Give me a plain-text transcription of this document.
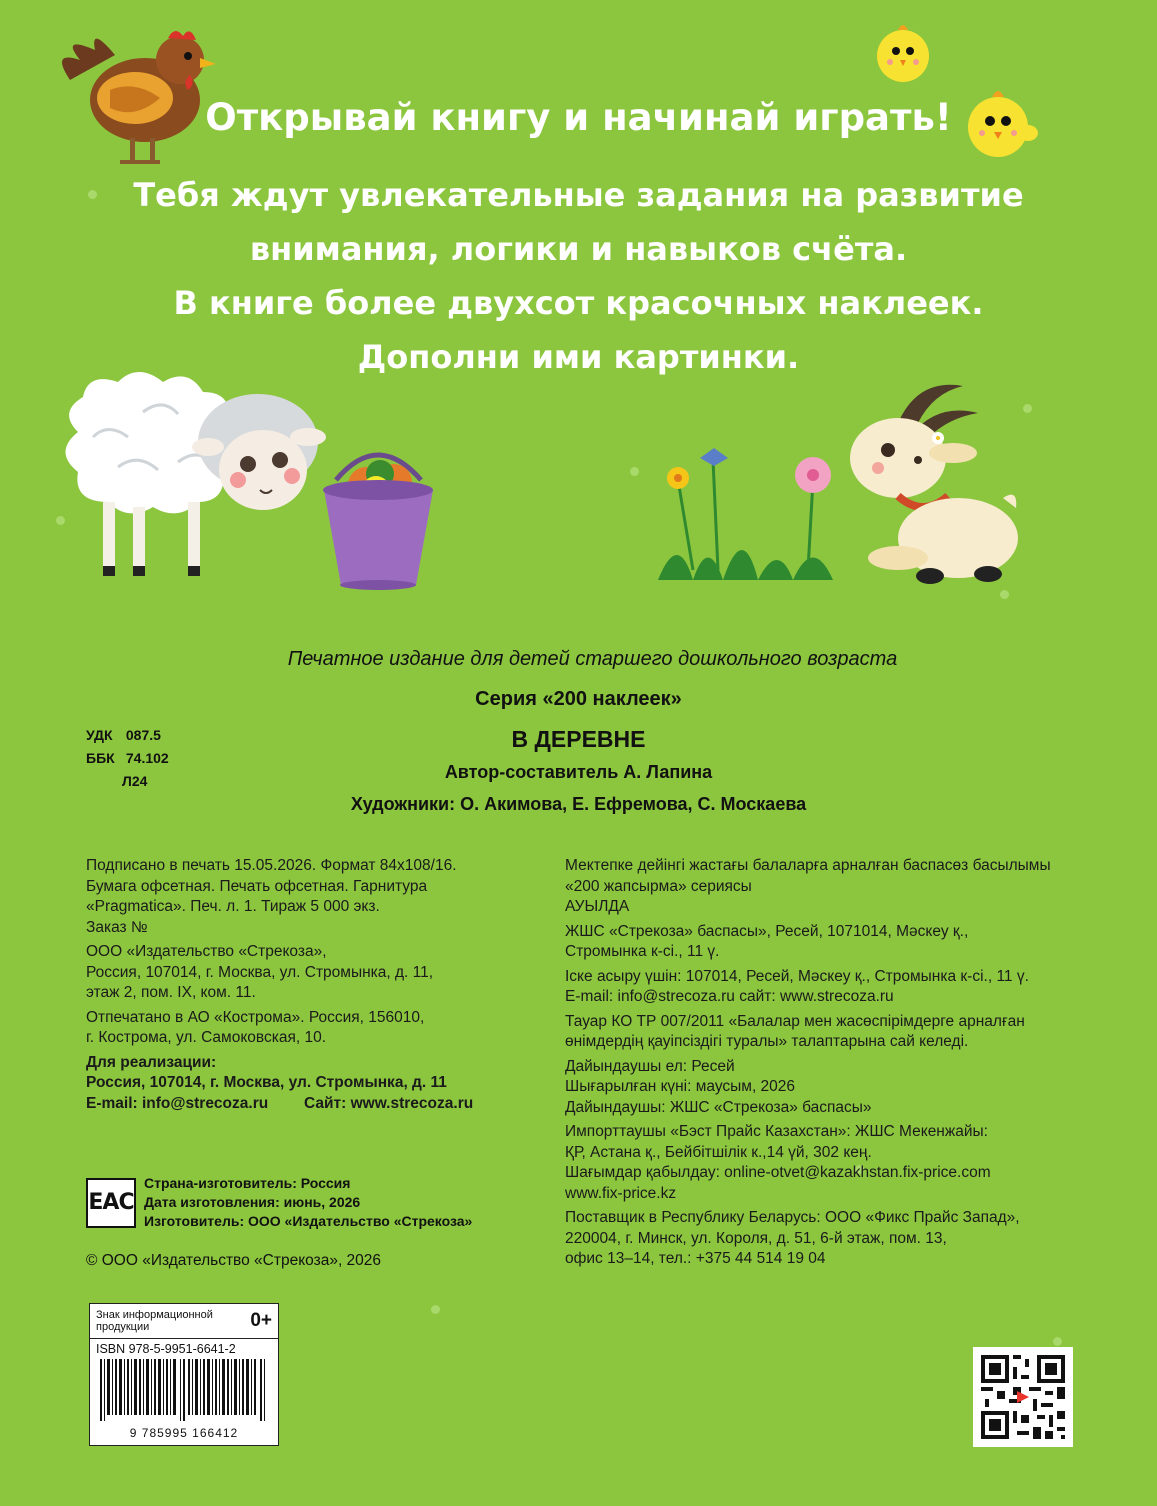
Открывай книгу и начинай играть!
Тебя ждут увлекательные задания на развитие
внимания, логики и навыков счёта.
В книге более двухсот красочных наклеек.
Дополни ими картинки.
Печатное издание для детей старшего дошкольного возраста
Серия «200 наклеек»
В ДЕРЕВНЕ
Автор-составитель А. Лапина
Художники: О. Акимова, Е. Ефремова, С. Москаева
УДК 087.5
ББК 74.102
Л24

Подписано в печать 15.05.2026. Формат 84x108/16.
Бумага офсетная. Печать офсетная. Гарнитура
«Pragmatica». Печ. л. 1. Тираж 5 000 экз.
Заказ №

ООО «Издательство «Стрекоза»,
Россия, 107014, г. Москва, ул. Стромынка, д. 11,
этаж 2, пом. IX, ком. 11.

Отпечатано в АО «Кострома». Россия, 156010,
г. Кострома, ул. Самоковская, 10.

Для реализации:
Россия, 107014, г. Москва, ул. Стромынка, д. 11
E-mail: info@strecoza.ru Сайт: www.strecoza.ru

EAC
Страна-изготовитель: Россия
Дата изготовления: июнь, 2026
Изготовитель: ООО «Издательство «Стрекоза»
© ООО «Издательство «Стрекоза», 2026

Мектепке дейінгі жастағы балаларға арналған баспасөз басылымы
«200 жапсырма» сериясы
АУЫЛДА

ЖШС «Стрекоза» баспасы», Ресей, 1071014, Мәскеу қ.,
Стромынка к-сі., 11 ү.

Іске асыру үшін: 107014, Ресей, Мәскеу қ., Стромынка к-сі., 11 ү.
E-mail: info@strecoza.ru сайт: www.strecoza.ru

Тауар КО ТР 007/2011 «Балалар мен жасөспірімдерге арналған
өнімдердің қауіпсіздігі туралы» талаптарына сай келеді.

Дайындаушы ел: Ресей
Шығарылған күні: маусым, 2026
Дайындаушы: ЖШС «Стрекоза» баспасы»

Импорттаушы «Бэст Прайс Казахстан»: ЖШС Мекенжайы:
ҚР, Астана қ., Бейбітшілік к.,14 үй, 302 кең.
Шағымдар қабылдау: online-otvet@kazakhstan.fix-price.com
www.fix-price.kz

Поставщик в Республику Беларусь: ООО «Фикс Прайс Запад»,
220004, г. Минск, ул. Короля, д. 51, 6-й этаж, пом. 13,
офис 13–14, тел.: +375 44 514 19 04

Знак информационной
продукции	0+
ISBN 978-5-9951-6641-2
9 785995 166412
